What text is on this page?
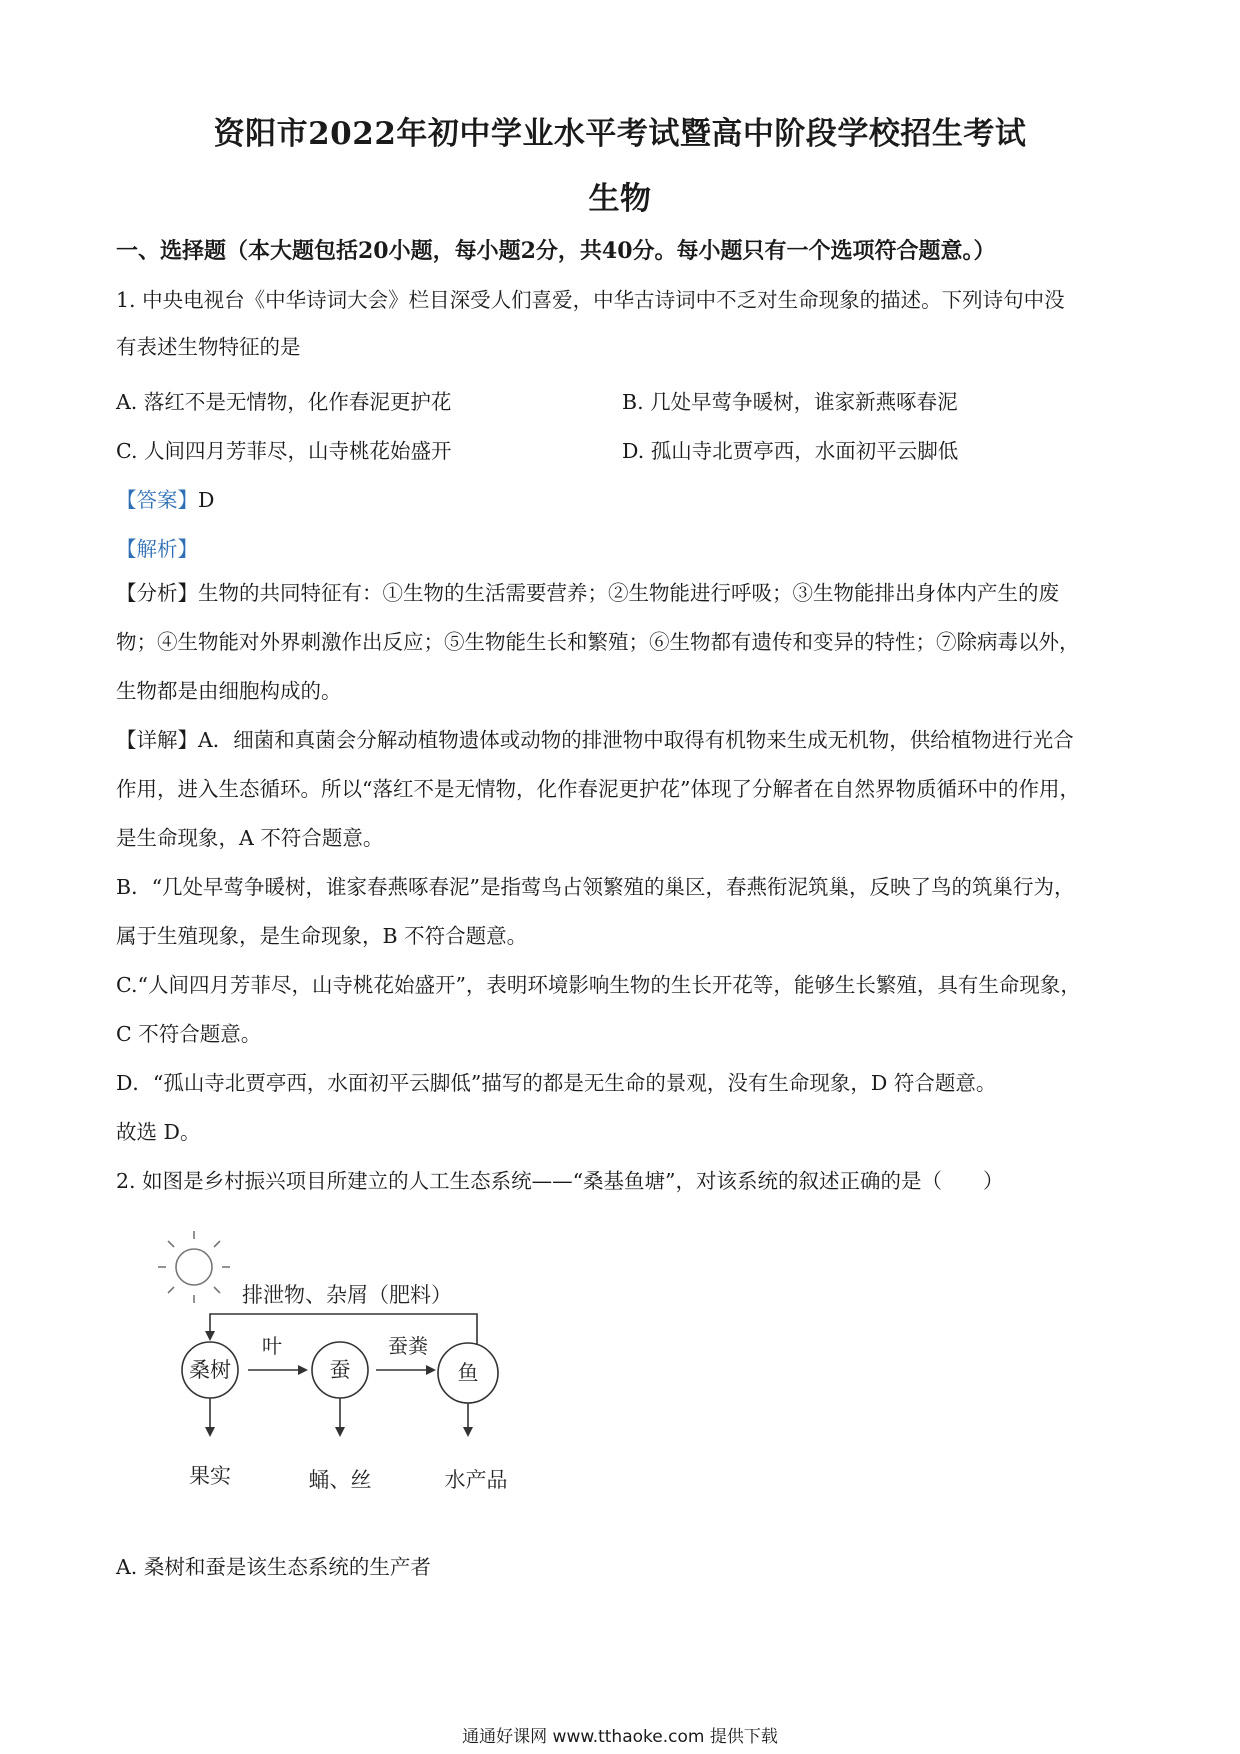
资阳市2022年初中学业水平考试暨高中阶段学校招生考试
生物
一、选择题（本大题包括20小题，每小题2分，共40分。每小题只有一个选项符合题意。）
1. 中央电视台《中华诗词大会》栏目深受人们喜爱，中华古诗词中不乏对生命现象的描述。下列诗句中没
有表述生物特征的是
A. 落红不是无情物，化作春泥更护花	B. 几处早莺争暖树，谁家新燕啄春泥
C. 人间四月芳菲尽，山寺桃花始盛开	D. 孤山寺北贾亭西，水面初平云脚低
【答案】D
【解析】
【分析】生物的共同特征有：①生物的生活需要营养；②生物能进行呼吸；③生物能排出身体内产生的废
物；④生物能对外界刺激作出反应；⑤生物能生长和繁殖；⑥生物都有遗传和变异的特性；⑦除病毒以外，
生物都是由细胞构成的。
【详解】A．细菌和真菌会分解动植物遗体或动物的排泄物中取得有机物来生成无机物，供给植物进行光合
作用，进入生态循环。所以“落红不是无情物，化作春泥更护花”体现了分解者在自然界物质循环中的作用，
是生命现象，A 不符合题意。
B．“几处早莺争暖树，谁家春燕啄春泥”是指莺鸟占领繁殖的巢区，春燕衔泥筑巢，反映了鸟的筑巢行为，
属于生殖现象，是生命现象，B 不符合题意。
C.“人间四月芳菲尽，山寺桃花始盛开”，表明环境影响生物的生长开花等，能够生长繁殖，具有生命现象，
C 不符合题意。
D．“孤山寺北贾亭西，水面初平云脚低”描写的都是无生命的景观，没有生命现象，D 符合题意。
故选 D。
2. 如图是乡村振兴项目所建立的人工生态系统——“桑基鱼塘”，对该系统的叙述正确的是（　　）
排泄物、杂屑（肥料）
桑树	蚕	鱼
叶	蚕粪
果实	蛹、丝	水产品
A. 桑树和蚕是该生态系统的生产者
通通好课网 www.tthaoke.com 提供下载
